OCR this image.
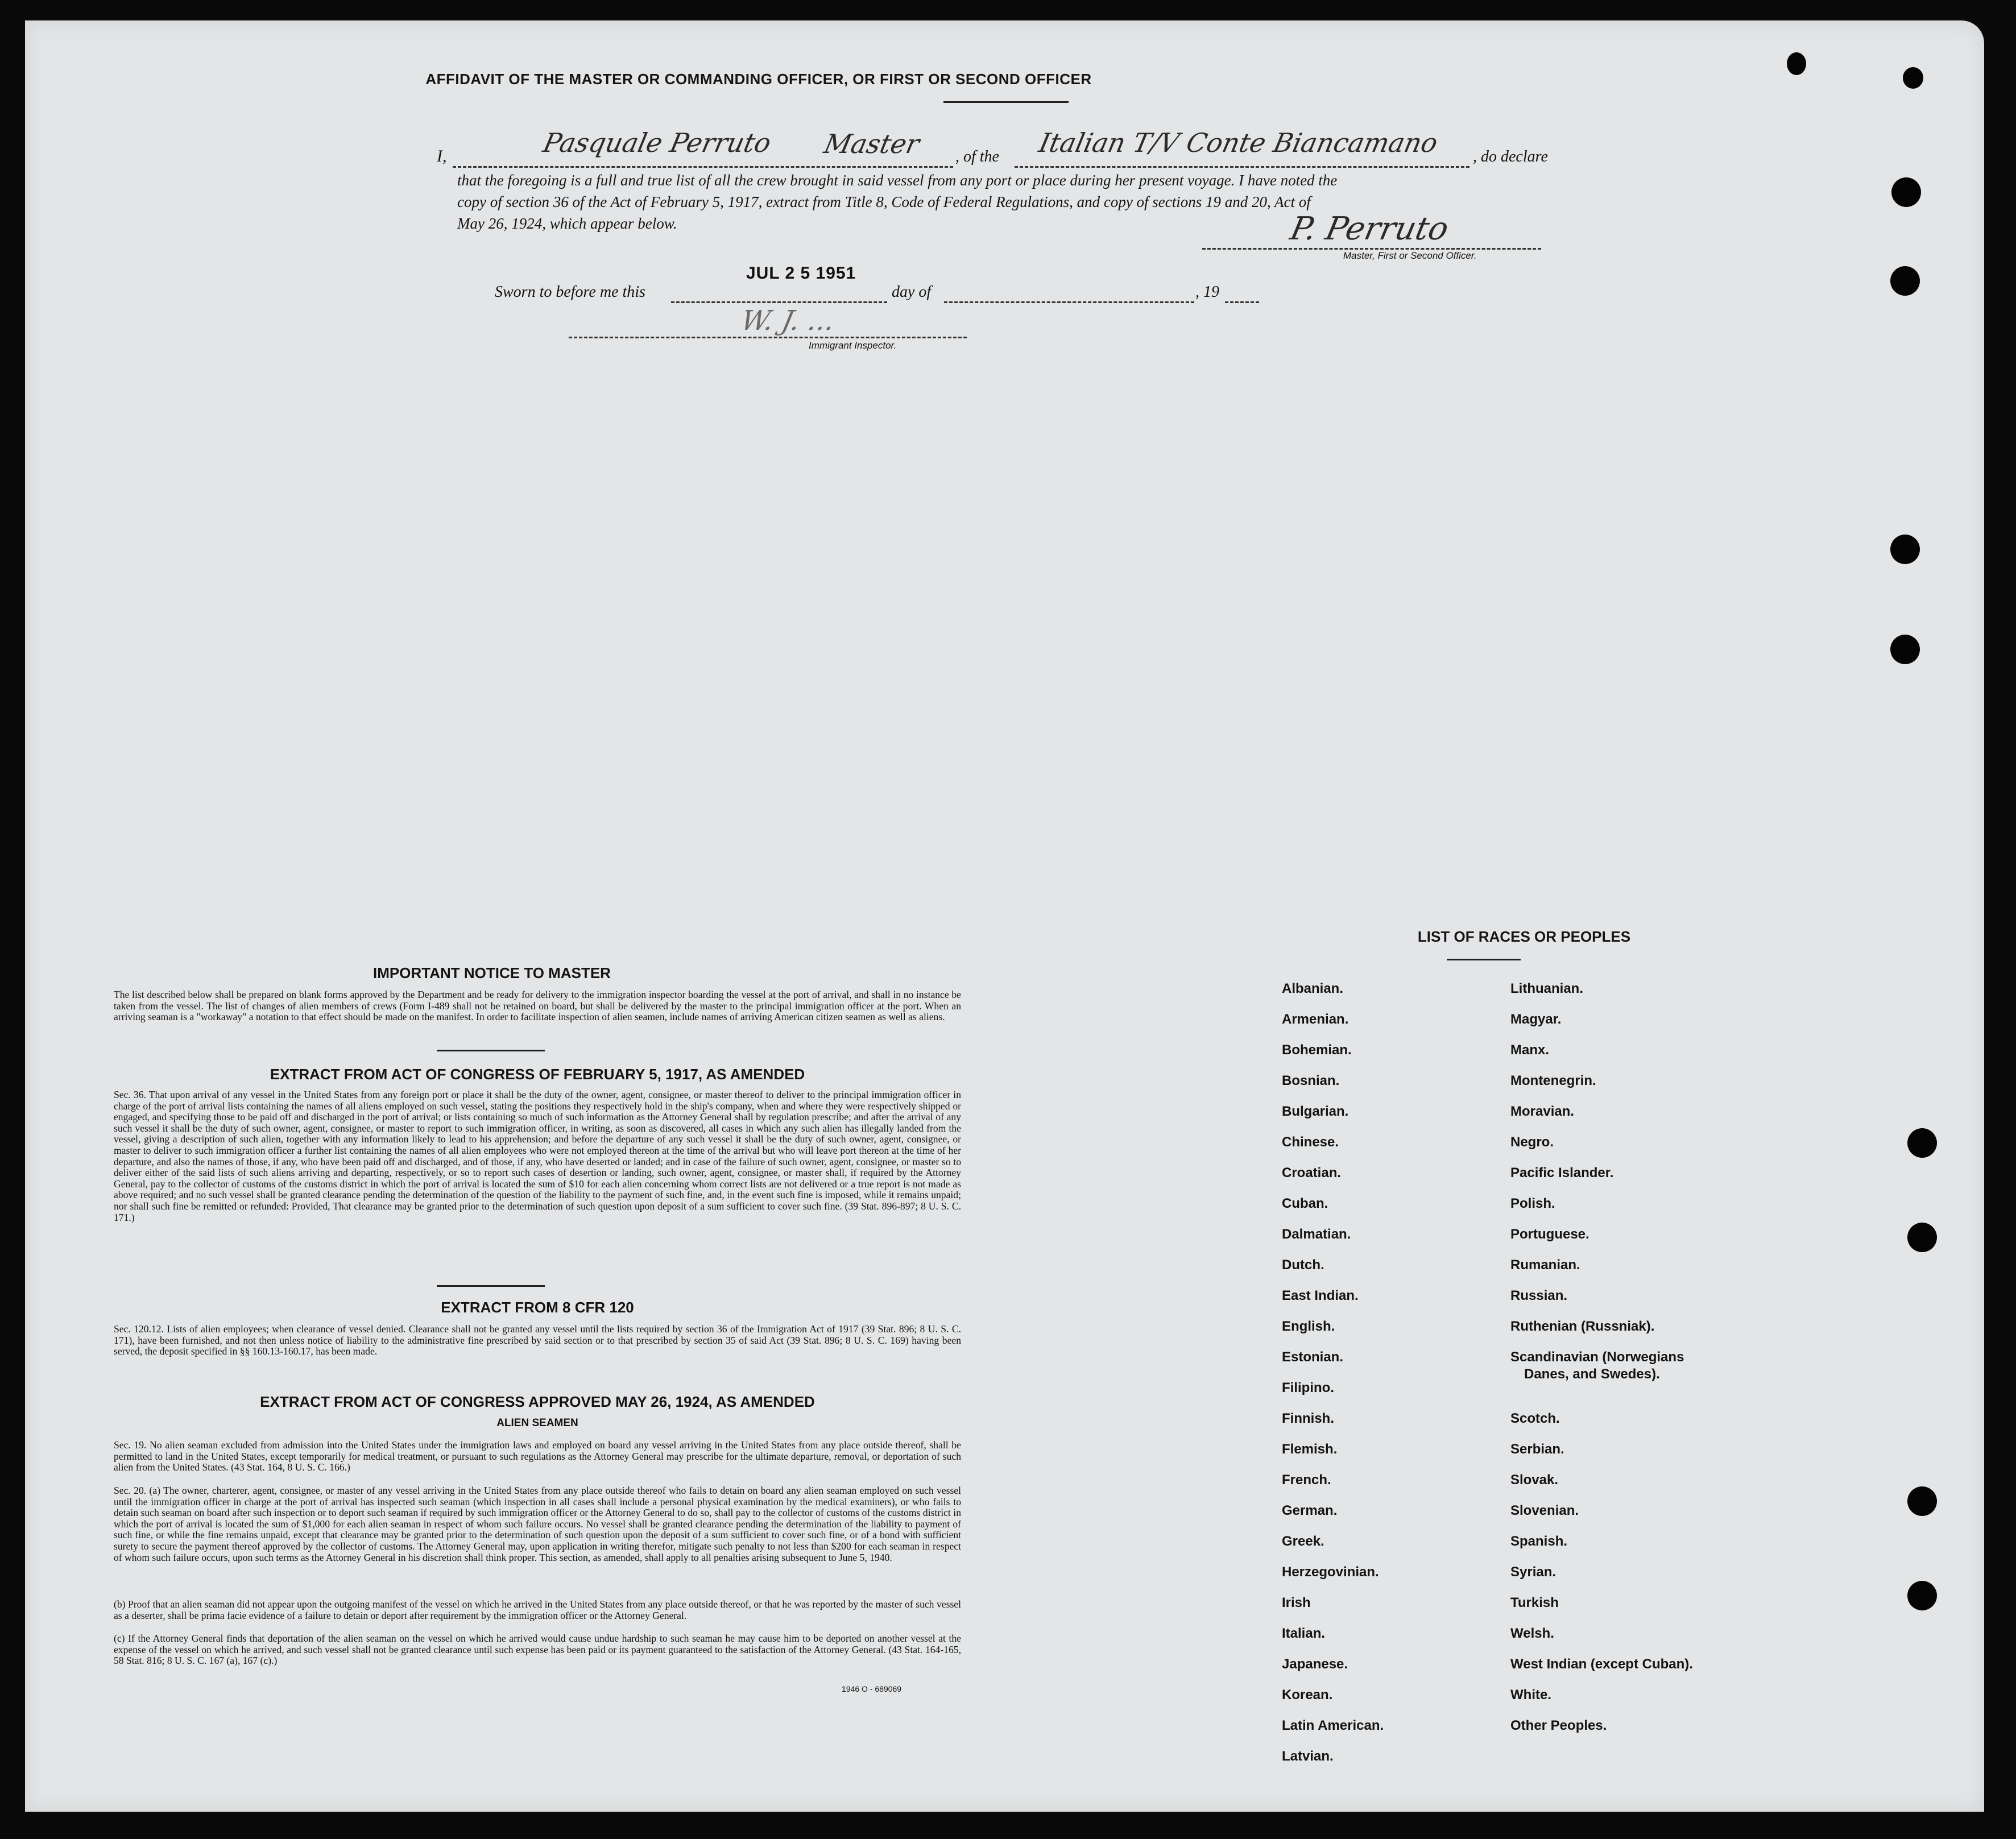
AFFIDAVIT OF THE MASTER OR COMMANDING OFFICER, OR FIRST OR SECOND OFFICER
I,	Pasquale Perruto Master , of the Italian T/V Conte Biancamano , do declare
that the foregoing is a full and true list of all the crew brought in said vessel from any port or place during her present voyage. I have noted the
copy of section 36 of the Act of February 5, 1917, extract from Title 8, Code of Federal Regulations, and copy of sections 19 and 20, Act of
May 26, 1924, which appear below.	P. Perruto
Master, First or Second Officer.
Sworn to before me this
JUL 2 5 1951
day of	, 19
W. J. ...
Immigrant Inspector.
IMPORTANT NOTICE TO MASTER
The list described below shall be prepared on blank forms approved by the Department and be ready for delivery to the immigration inspector boarding the vessel at the port of arrival, and shall in no instance be taken from the vessel. The list of changes of alien members of crews (Form I-489 shall not be retained on board, but shall be delivered by the master to the principal immigration officer at the port. When an arriving seaman is a "workaway" a notation to that effect should be made on the manifest. In order to facilitate inspection of alien seamen, include names of arriving American citizen seamen as well as aliens.
EXTRACT FROM ACT OF CONGRESS OF FEBRUARY 5, 1917, AS AMENDED
Sec. 36. That upon arrival of any vessel in the United States from any foreign port or place it shall be the duty of the owner, agent, consignee, or master thereof to deliver to the principal immigration officer in charge of the port of arrival lists containing the names of all aliens employed on such vessel, stating the positions they respectively hold in the ship's company, when and where they were respectively shipped or engaged, and specifying those to be paid off and discharged in the port of arrival; or lists containing so much of such information as the Attorney General shall by regulation prescribe; and after the arrival of any such vessel it shall be the duty of such owner, agent, consignee, or master to report to such immigration officer, in writing, as soon as discovered, all cases in which any such alien has illegally landed from the vessel, giving a description of such alien, together with any information likely to lead to his apprehension; and before the departure of any such vessel it shall be the duty of such owner, agent, consignee, or master to deliver to such immigration officer a further list containing the names of all alien employees who were not employed thereon at the time of the arrival but who will leave port thereon at the time of her departure, and also the names of those, if any, who have been paid off and discharged, and of those, if any, who have deserted or landed; and in case of the failure of such owner, agent, consignee, or master so to deliver either of the said lists of such aliens arriving and departing, respectively, or so to report such cases of desertion or landing, such owner, agent, consignee, or master shall, if required by the Attorney General, pay to the collector of customs of the customs district in which the port of arrival is located the sum of $10 for each alien concerning whom correct lists are not delivered or a true report is not made as above required; and no such vessel shall be granted clearance pending the determination of the question of the liability to the payment of such fine, and, in the event such fine is imposed, while it remains unpaid; nor shall such fine be remitted or refunded: Provided, That clearance may be granted prior to the determination of such question upon deposit of a sum sufficient to cover such fine. (39 Stat. 896-897; 8 U. S. C. 171.)
EXTRACT FROM 8 CFR 120
Sec. 120.12. Lists of alien employees; when clearance of vessel denied. Clearance shall not be granted any vessel until the lists required by section 36 of the Immigration Act of 1917 (39 Stat. 896; 8 U. S. C. 171), have been furnished, and not then unless notice of liability to the administrative fine prescribed by said section or to that prescribed by section 35 of said Act (39 Stat. 896; 8 U. S. C. 169) having been served, the deposit specified in §§ 160.13-160.17, has been made.
EXTRACT FROM ACT OF CONGRESS APPROVED MAY 26, 1924, AS AMENDED
ALIEN SEAMEN
Sec. 19. No alien seaman excluded from admission into the United States under the immigration laws and employed on board any vessel arriving in the United States from any place outside thereof, shall be permitted to land in the United States, except temporarily for medical treatment, or pursuant to such regulations as the Attorney General may prescribe for the ultimate departure, removal, or deportation of such alien from the United States. (43 Stat. 164, 8 U. S. C. 166.)
Sec. 20. (a) The owner, charterer, agent, consignee, or master of any vessel arriving in the United States from any place outside thereof who fails to detain on board any alien seaman employed on such vessel until the immigration officer in charge at the port of arrival has inspected such seaman (which inspection in all cases shall include a personal physical examination by the medical examiners), or who fails to detain such seaman on board after such inspection or to deport such seaman if required by such immigration officer or the Attorney General to do so, shall pay to the collector of customs of the customs district in which the port of arrival is located the sum of $1,000 for each alien seaman in respect of whom such failure occurs. No vessel shall be granted clearance pending the determination of the liability to payment of such fine, or while the fine remains unpaid, except that clearance may be granted prior to the determination of such question upon the deposit of a sum sufficient to cover such fine, or of a bond with sufficient surety to secure the payment thereof approved by the collector of customs. The Attorney General may, upon application in writing therefor, mitigate such penalty to not less than $200 for each seaman in respect of whom such failure occurs, upon such terms as the Attorney General in his discretion shall think proper. This section, as amended, shall apply to all penalties arising subsequent to June 5, 1940.
(b) Proof that an alien seaman did not appear upon the outgoing manifest of the vessel on which he arrived in the United States from any place outside thereof, or that he was reported by the master of such vessel as a deserter, shall be prima facie evidence of a failure to detain or deport after requirement by the immigration officer or the Attorney General.
(c) If the Attorney General finds that deportation of the alien seaman on the vessel on which he arrived would cause undue hardship to such seaman he may cause him to be deported on another vessel at the expense of the vessel on which he arrived, and such vessel shall not be granted clearance until such expense has been paid or its payment guaranteed to the satisfaction of the Attorney General. (43 Stat. 164-165, 58 Stat. 816; 8 U. S. C. 167 (a), 167 (c).)
1946 O - 689069
LIST OF RACES OR PEOPLES
Albanian.
Armenian.
Bohemian.
Bosnian.
Bulgarian.
Chinese.
Croatian.
Cuban.
Dalmatian.
Dutch.
East Indian.
English.
Estonian.
Filipino.
Finnish.
Flemish.
French.
German.
Greek.
Herzegovinian.
Irish
Italian.
Japanese.
Korean.
Latin American.
Latvian.
Lithuanian.
Magyar.
Manx.
Montenegrin.
Moravian.
Negro.
Pacific Islander.
Polish.
Portuguese.
Rumanian.
Russian.
Ruthenian (Russniak).
Scandinavian (Norwegians
Danes, and Swedes).
Scotch.
Serbian.
Slovak.
Slovenian.
Spanish.
Syrian.
Turkish
Welsh.
West Indian (except Cuban).
White.
Other Peoples.
